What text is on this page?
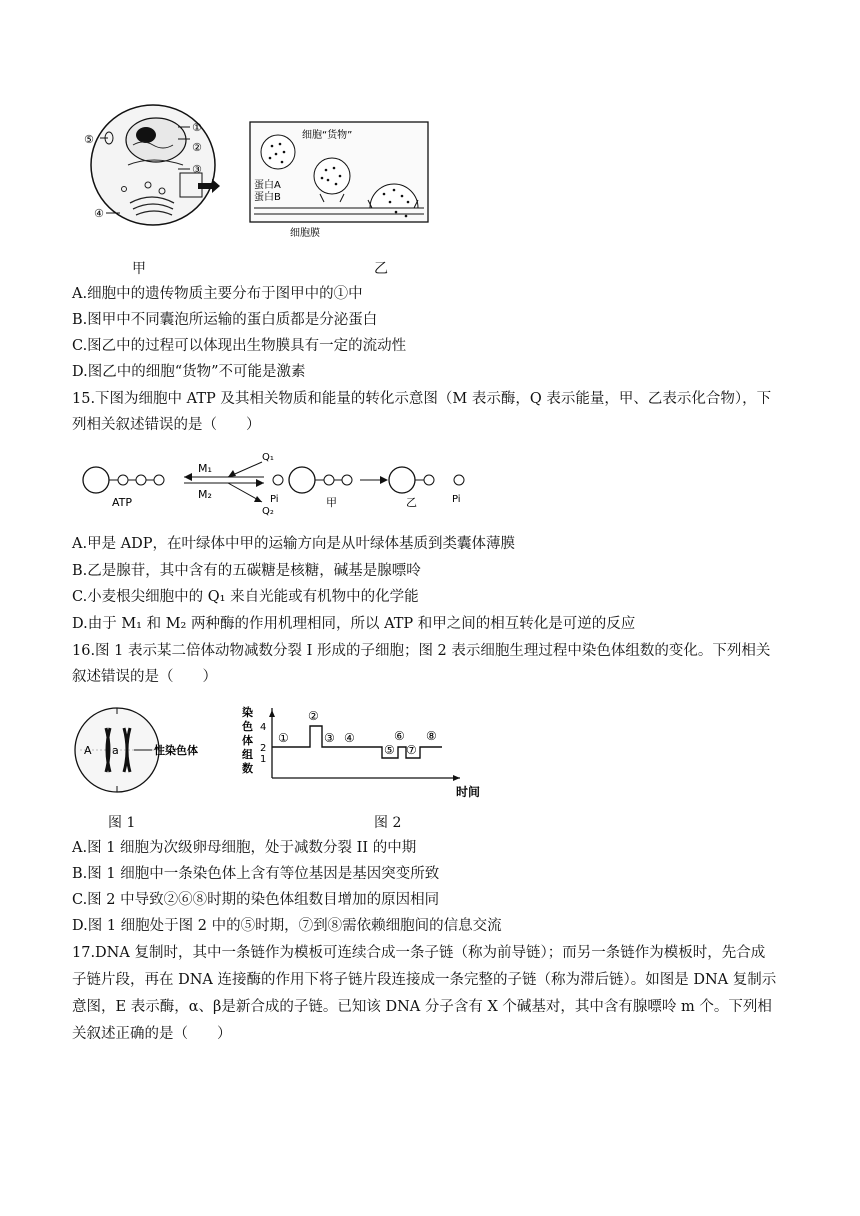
⑤
①
②
③
④
甲
细胞“货物”
蛋白A
蛋白B
细胞膜
乙
A.细胞中的遗传物质主要分布于图甲中的①中
B.图甲中不同囊泡所运输的蛋白质都是分泌蛋白
C.图乙中的过程可以体现出生物膜具有一定的流动性
D.图乙中的细胞“货物”不可能是激素
15.下图为细胞中 ATP 及其相关物质和能量的转化示意图（M 表示酶，Q 表示能量，甲、乙表示化合物），下
列相关叙述错误的是（　　）
ATP
M₁
M₂
Q₁
Q₂
Pi	甲	乙	Pi
A.甲是 ADP，在叶绿体中甲的运输方向是从叶绿体基质到类囊体薄膜
B.乙是腺苷，其中含有的五碳糖是核糖，碱基是腺嘌呤
C.小麦根尖细胞中的 Q₁ 来自光能或有机物中的化学能
D.由于 M₁ 和 M₂ 两种酶的作用机理相同，所以 ATP 和甲之间的相互转化是可逆的反应
16.图 1 表示某二倍体动物减数分裂 I 形成的子细胞；图 2 表示细胞生理过程中染色体组数的变化。下列相关
叙述错误的是（　　）
A a	性染色体
图 1
染
色
体
组
数
4
2
1
①
②
③ ④
⑤
⑥
⑦
⑧
时间
图 2
A.图 1 细胞为次级卵母细胞，处于减数分裂 II 的中期
B.图 1 细胞中一条染色体上含有等位基因是基因突变所致
C.图 2 中导致②⑥⑧时期的染色体组数目增加的原因相同
D.图 1 细胞处于图 2 中的⑤时期，⑦到⑧需依赖细胞间的信息交流
17.DNA 复制时，其中一条链作为模板可连续合成一条子链（称为前导链）；而另一条链作为模板时，先合成
子链片段，再在 DNA 连接酶的作用下将子链片段连接成一条完整的子链（称为滞后链）。如图是 DNA 复制示
意图，E 表示酶，α、β是新合成的子链。已知该 DNA 分子含有 X 个碱基对，其中含有腺嘌呤 m 个。下列相
关叙述正确的是（　　）
